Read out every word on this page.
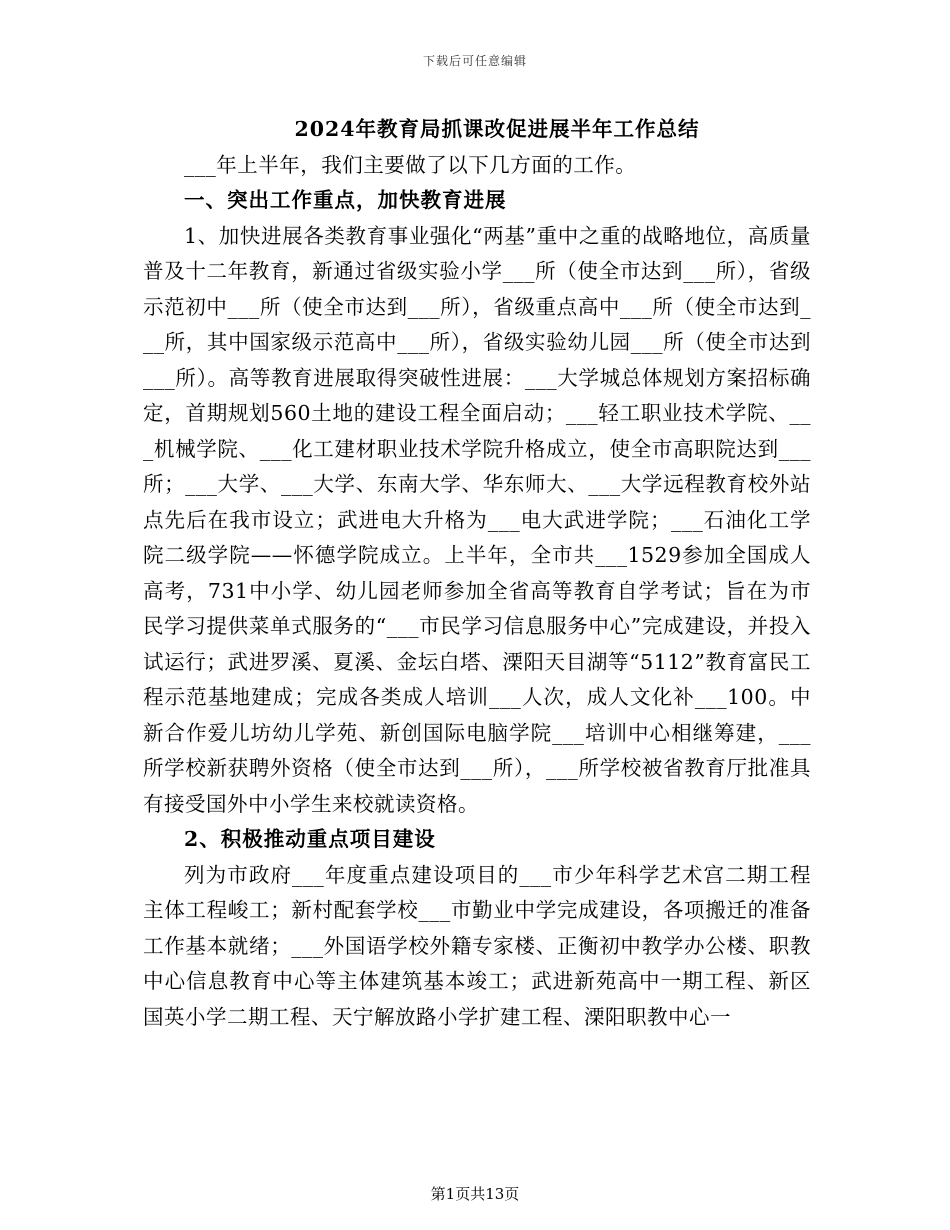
下载后可任意编辑

2024年教育局抓课改促进展半年工作总结

___年上半年，我们主要做了以下几方面的工作。

一、突出工作重点，加快教育进展

1、加快进展各类教育事业强化“两基”重中之重的战略地位，高质量普及十二年教育，新通过省级实验小学___所（使全市达到___所），省级示范初中___所（使全市达到___所），省级重点高中___所（使全市达到___所，其中国家级示范高中___所），省级实验幼儿园___所（使全市达到___所）。高等教育进展取得突破性进展：___大学城总体规划方案招标确定，首期规划560土地的建设工程全面启动；___轻工职业技术学院、___机械学院、___化工建材职业技术学院升格成立，使全市高职院达到___所；___大学、___大学、东南大学、华东师大、___大学远程教育校外站点先后在我市设立；武进电大升格为___电大武进学院；___石油化工学院二级学院——怀德学院成立。上半年，全市共___1529参加全国成人高考，731中小学、幼儿园老师参加全省高等教育自学考试；旨在为市民学习提供菜单式服务的“___市民学习信息服务中心”完成建设，并投入试运行；武进罗溪、夏溪、金坛白塔、溧阳天目湖等“5112”教育富民工程示范基地建成；完成各类成人培训___人次，成人文化补___100。中新合作爱儿坊幼儿学苑、新创国际电脑学院___培训中心相继筹建，___所学校新获聘外资格（使全市达到___所），___所学校被省教育厅批准具有接受国外中小学生来校就读资格。

2、积极推动重点项目建设

列为市政府___年度重点建设项目的___市少年科学艺术宫二期工程主体工程峻工；新村配套学校___市勤业中学完成建设，各项搬迁的准备工作基本就绪；___外国语学校外籍专家楼、正衡初中教学办公楼、职教中心信息教育中心等主体建筑基本竣工；武进新苑高中一期工程、新区国英小学二期工程、天宁解放路小学扩建工程、溧阳职教中心一

第1页共13页
